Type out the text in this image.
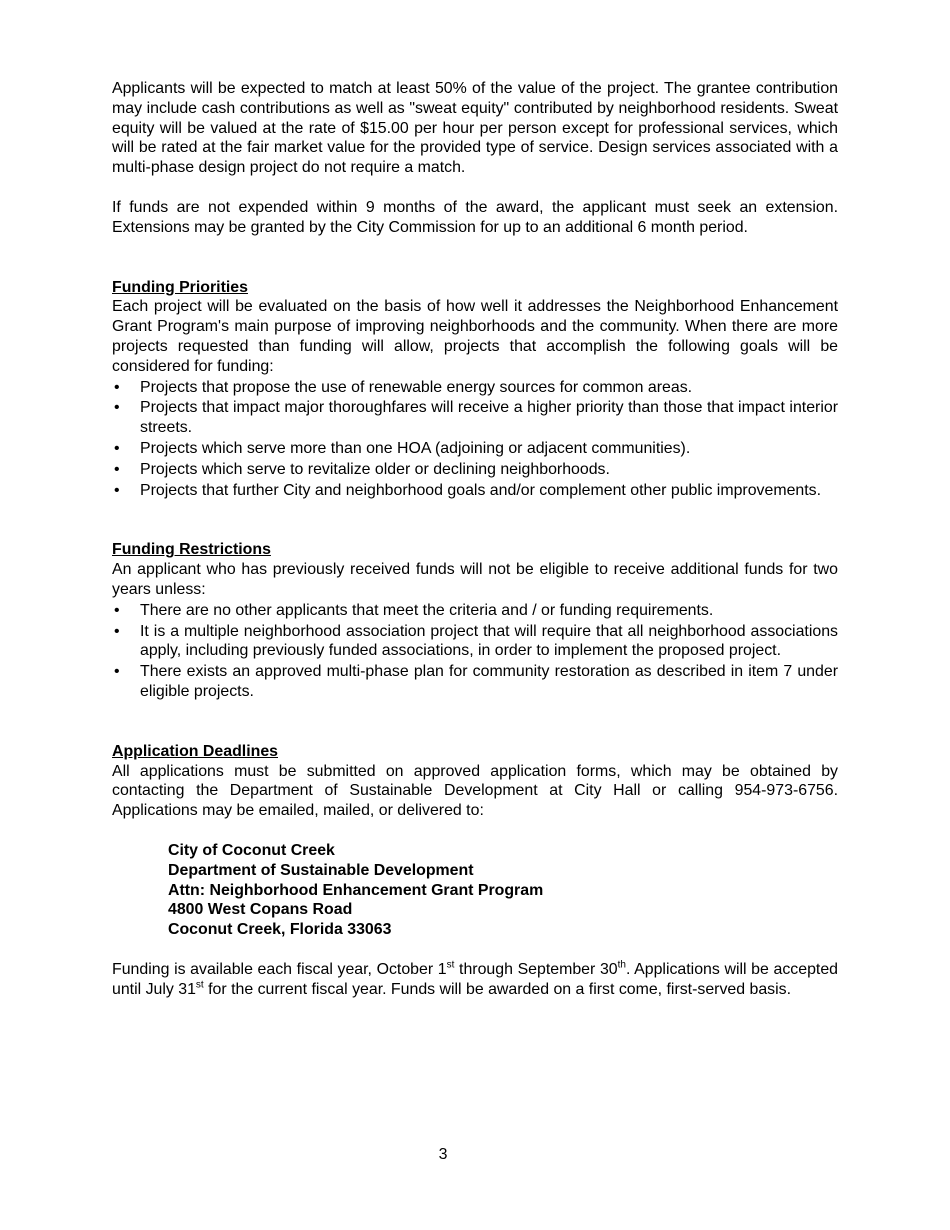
Applicants will be expected to match at least 50% of the value of the project. The grantee contribution may include cash contributions as well as "sweat equity" contributed by neighborhood residents. Sweat equity will be valued at the rate of $15.00 per hour per person except for professional services, which will be rated at the fair market value for the provided type of service. Design services associated with a multi-phase design project do not require a match.

If funds are not expended within 9 months of the award, the applicant must seek an extension. Extensions may be granted by the City Commission for up to an additional 6 month period.

Funding Priorities

Each project will be evaluated on the basis of how well it addresses the Neighborhood Enhancement Grant Program's main purpose of improving neighborhoods and the community. When there are more projects requested than funding will allow, projects that accomplish the following goals will be considered for funding:

• Projects that propose the use of renewable energy sources for common areas.
• Projects that impact major thoroughfares will receive a higher priority than those that impact interior streets.
• Projects which serve more than one HOA (adjoining or adjacent communities).
• Projects which serve to revitalize older or declining neighborhoods.
• Projects that further City and neighborhood goals and/or complement other public improvements.

Funding Restrictions

An applicant who has previously received funds will not be eligible to receive additional funds for two years unless:

• There are no other applicants that meet the criteria and / or funding requirements.
• It is a multiple neighborhood association project that will require that all neighborhood associations apply, including previously funded associations, in order to implement the proposed project.
• There exists an approved multi-phase plan for community restoration as described in item 7 under eligible projects.

Application Deadlines

All applications must be submitted on approved application forms, which may be obtained by contacting the Department of Sustainable Development at City Hall or calling 954-973-6756. Applications may be emailed, mailed, or delivered to:

City of Coconut Creek
Department of Sustainable Development
Attn: Neighborhood Enhancement Grant Program
4800 West Copans Road
Coconut Creek, Florida 33063

Funding is available each fiscal year, October 1st through September 30th. Applications will be accepted until July 31st for the current fiscal year. Funds will be awarded on a first come, first-served basis.

3
